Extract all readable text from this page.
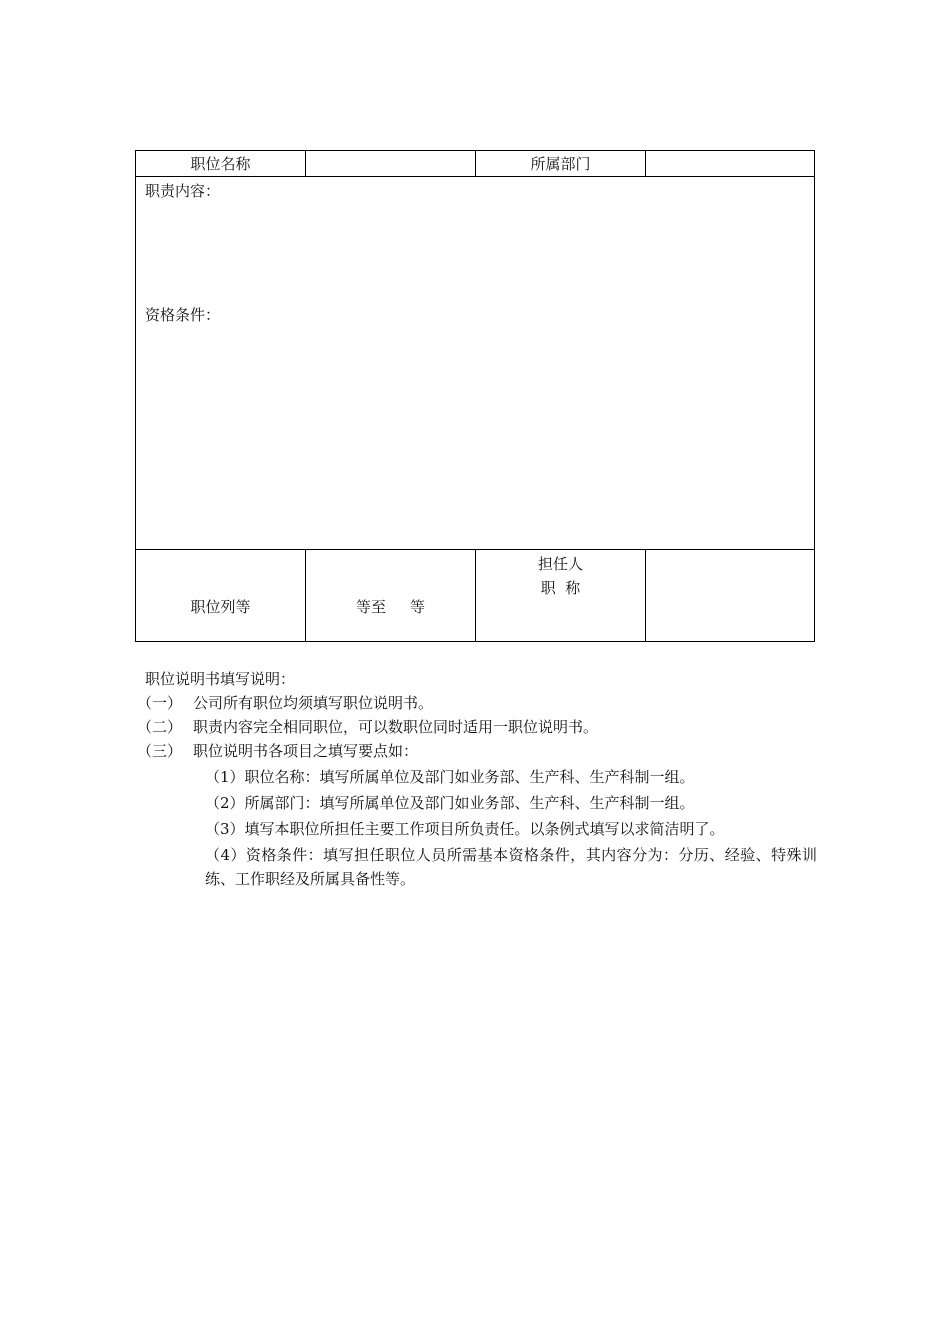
职位名称	所属部门
职责内容：
资格条件：
职位列等	等至 等
担任人
职  称
职位说明书填写说明：
（一） 公司所有职位均须填写职位说明书。
（二） 职责内容完全相同职位，可以数职位同时适用一职位说明书。
（三） 职位说明书各项目之填写要点如：
（1）职位名称：填写所属单位及部门如业务部、生产科、生产科制一组。
（2）所属部门：填写所属单位及部门如业务部、生产科、生产科制一组。
（3）填写本职位所担任主要工作项目所负责任。以条例式填写以求简洁明了。
（4）资格条件：填写担任职位人员所需基本资格条件，其内容分为：分历、经验、特殊训练、工作职经及所属具备性等。
